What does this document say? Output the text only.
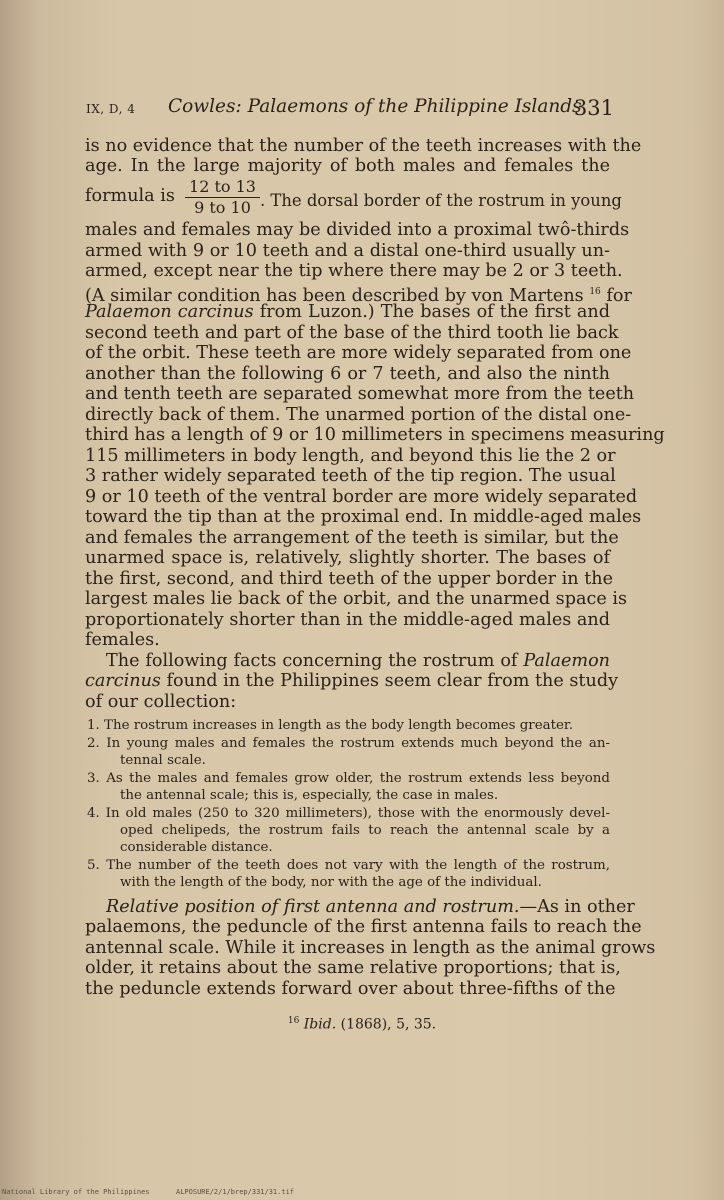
IX, D, 4 Cowles: Palaemons of the Philippine Islands
331
is no evidence that the number of the teeth increases with the
age. In the large majority of both males and females the
formula is 12 to 13
9 to 10 . The dorsal border of the rostrum in young
males and females may be divided into a proximal twô-thirds
armed with 9 or 10 teeth and a distal one-third usually un-
armed, except near the tip where there may be 2 or 3 teeth.
(A similar condition has been described by von Martens $^{16}$ for
Palaemon carcinus from Luzon.) The bases of the first and
second teeth and part of the base of the third tooth lie back
of the orbit. These teeth are more widely separated from one
another than the following 6 or 7 teeth, and also the ninth
and tenth teeth are separated somewhat more from the teeth
directly back of them. The unarmed portion of the distal one-
third has a length of 9 or 10 millimeters in specimens measuring
115 millimeters in body length, and beyond this lie the 2 or
3 rather widely separated teeth of the tip region. The usual
9 or 10 teeth of the ventral border are more widely separated
toward the tip than at the proximal end. In middle-aged males
and females the arrangement of the teeth is similar, but the
unarmed space is, relatively, slightly shorter. The bases of
the first, second, and third teeth of the upper border in the
largest males lie back of the orbit, and the unarmed space is
proportionately shorter than in the middle-aged males and
females.
The following facts concerning the rostrum of Palaemon
carcinus found in the Philippines seem clear from the study
of our collection:
1. The rostrum increases in length as the body length becomes greater.
2. In young males and females the rostrum extends much beyond the an-
tennal scale.
3. As the males and females grow older, the rostrum extends less beyond
the antennal scale; this is, especially, the case in males.
4. In old males (250 to 320 millimeters), those with the enormously devel-
oped chelipeds, the rostrum fails to reach the antennal scale by a
considerable distance.
5. The number of the teeth does not vary with the length of the rostrum,
with the length of the body, nor with the age of the individual.
Relative position of first antenna and rostrum.—As in other
palaemons, the peduncle of the first antenna fails to reach the
antennal scale. While it increases in length as the animal grows
older, it retains about the same relative proportions; that is,
the peduncle extends forward over about three-fifths of the
$^{16}$ Ibid. (1868), 5, 35.
National Library of the Philippines	ALPOSURE/2/1/brep/331/31.tif
